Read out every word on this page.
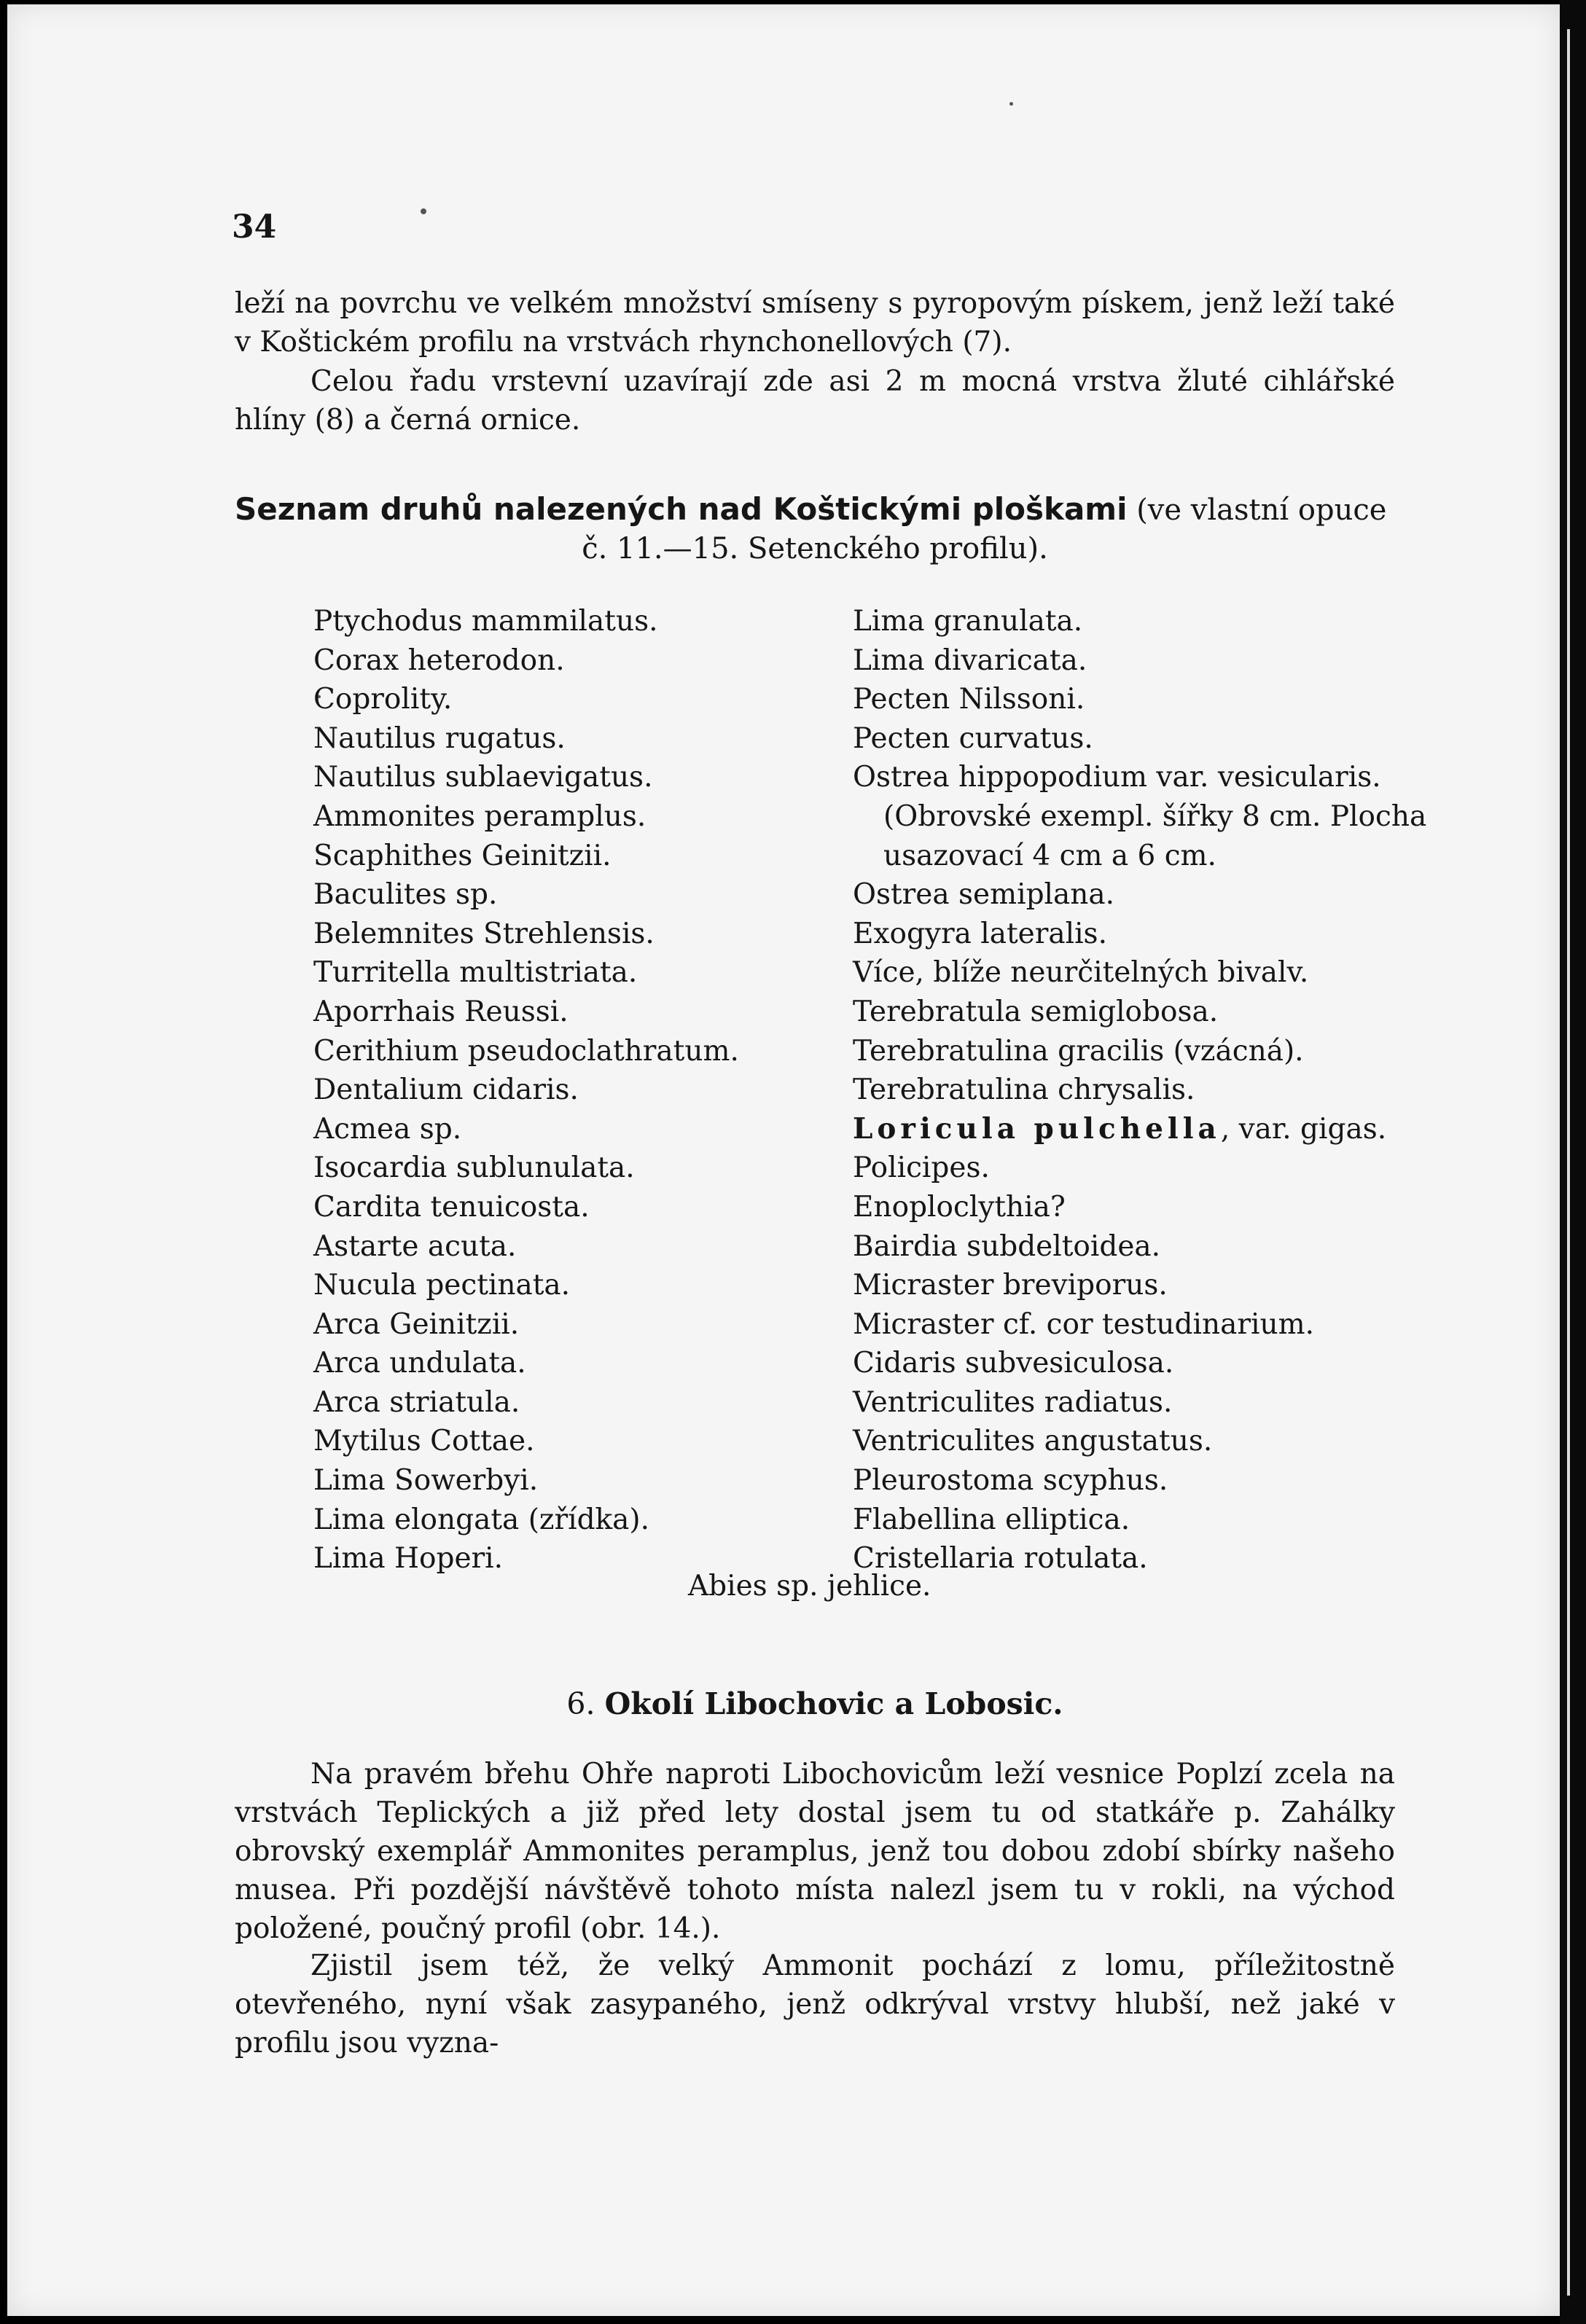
34
leží na povrchu ve velkém množství smíseny s pyropovým pískem, jenž leží také v Koštickém profilu na vrstvách rhynchonellových (7).
Celou řadu vrstevní uzavírají zde asi 2 m mocná vrstva žluté cihlářské hlíny (8) a černá ornice.
Seznam druhů nalezených nad Koštickými ploškami (ve vlastní opuce
č. 11.—15. Setenckého profilu).
Ptychodus mammilatus.
Corax heterodon.
Coprolity.
Nautilus rugatus.
Nautilus sublaevigatus.
Ammonites peramplus.
Scaphithes Geinitzii.
Baculites sp.
Belemnites Strehlensis.
Turritella multistriata.
Aporrhais Reussi.
Cerithium pseudoclathratum.
Dentalium cidaris.
Acmea sp.
Isocardia sublunulata.
Cardita tenuicosta.
Astarte acuta.
Nucula pectinata.
Arca Geinitzii.
Arca undulata.
Arca striatula.
Mytilus Cottae.
Lima Sowerbyi.
Lima elongata (zřídka).
Lima Hoperi.
Lima granulata.
Lima divaricata.
Pecten Nilssoni.
Pecten curvatus.
Ostrea hippopodium var. vesicularis.
(Obrovské exempl. šířky 8 cm. Plocha
usazovací 4 cm a 6 cm.
Ostrea semiplana.
Exogyra lateralis.
Více, blíže neurčitelných bivalv.
Terebratula semiglobosa.
Terebratulina gracilis (vzácná).
Terebratulina chrysalis.
Loricula pulchella, var. gigas.
Policipes.
Enoploclythia?
Bairdia subdeltoidea.
Micraster breviporus.
Micraster cf. cor testudinarium.
Cidaris subvesiculosa.
Ventriculites radiatus.
Ventriculites angustatus.
Pleurostoma scyphus.
Flabellina elliptica.
Cristellaria rotulata.
Abies sp. jehlice.
6. Okolí Libochovic a Lobosic.
Na pravém břehu Ohře naproti Libochovicům leží vesnice Poplzí zcela na vrstvách Teplických a již před lety dostal jsem tu od statkáře p. Zahálky obrovský exemplář Ammonites peramplus, jenž tou dobou zdobí sbírky našeho musea. Při pozdější návštěvě tohoto místa nalezl jsem tu v rokli, na východ položené, poučný profil (obr. 14.).
Zjistil jsem též, že velký Ammonit pochází z lomu, příležitostně otevřeného, nyní však zasypaného, jenž odkrýval vrstvy hlubší, než jaké v profilu jsou vyzna-
